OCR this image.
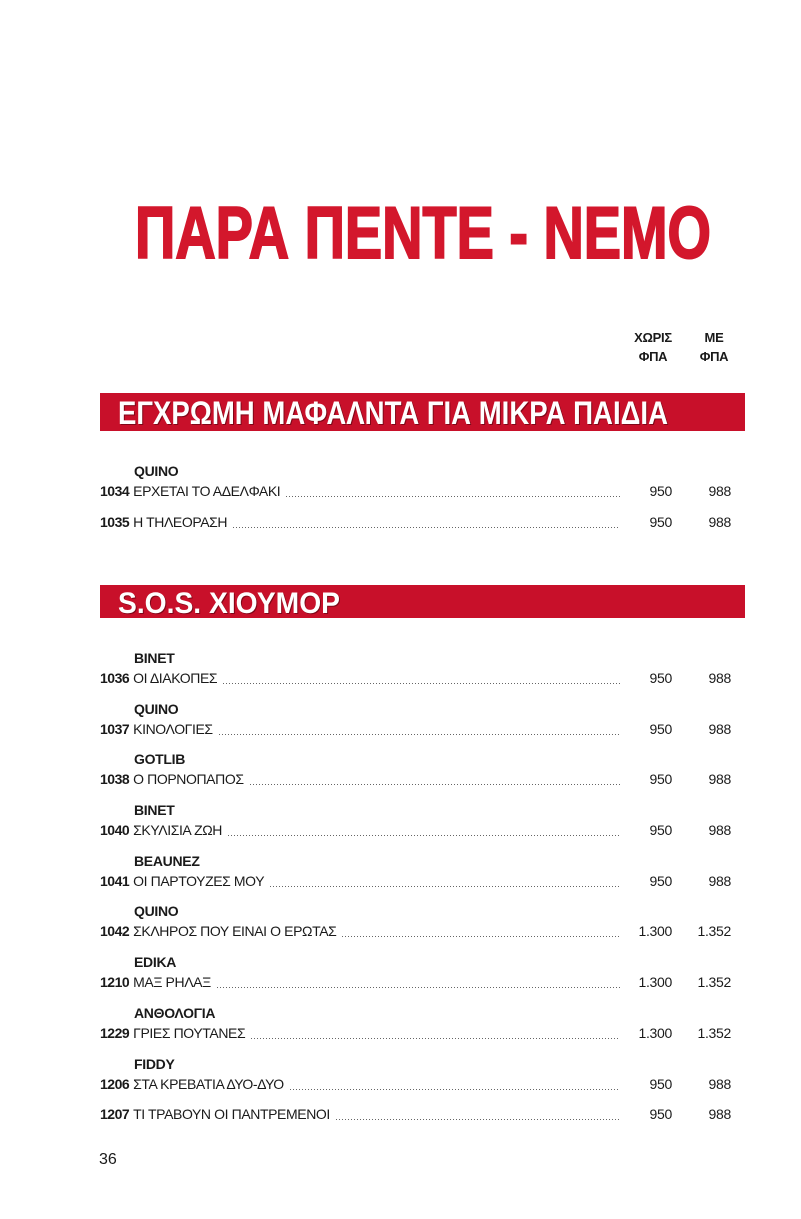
ΠΑΡΑ ΠΕΝΤΕ - ΝΕΜΟ
ΧΩΡΙΣ
ΦΠΑ
ΜΕ
ΦΠΑ
ΕΓΧΡΩΜΗ ΜΑΦΑΛΝΤΑ ΓΙΑ ΜΙΚΡΑ ΠΑΙΔΙΑ
QUINO
1034 ΕΡΧΕΤΑΙ ΤΟ ΑΔΕΛΦΑΚΙ	950	988
1035 Η ΤΗΛΕΟΡΑΣΗ	950	988
S.O.S. ΧΙΟΥΜΟΡ
BINET
1036 ΟΙ ΔΙΑΚΟΠΕΣ	950	988
QUINO
1037 ΚΙΝΟΛΟΓΙΕΣ	950	988
GOTLIB
1038 Ο ΠΟΡΝΟΠΑΠΟΣ	950	988
BINET
1040 ΣΚΥΛΙΣΙΑ ΖΩΗ	950	988
BEAUNEZ
1041 ΟΙ ΠΑΡΤΟΥΖΕΣ ΜΟΥ	950	988
QUINO
1042 ΣΚΛΗΡΟΣ ΠΟΥ ΕΙΝΑΙ Ο ΕΡΩΤΑΣ	1.300	1.352
EDIKA
1210 ΜΑΞ ΡΗΛΑΞ	1.300	1.352
ΑΝΘΟΛΟΓΙΑ
1229 ΓΡΙΕΣ ΠΟΥΤΑΝΕΣ	1.300	1.352
FIDDY
1206 ΣΤΑ ΚΡΕΒΑΤΙΑ ΔΥΟ-ΔΥΟ	950	988
1207 ΤΙ ΤΡΑΒΟΥΝ ΟΙ ΠΑΝΤΡΕΜΕΝΟΙ	950	988
36
